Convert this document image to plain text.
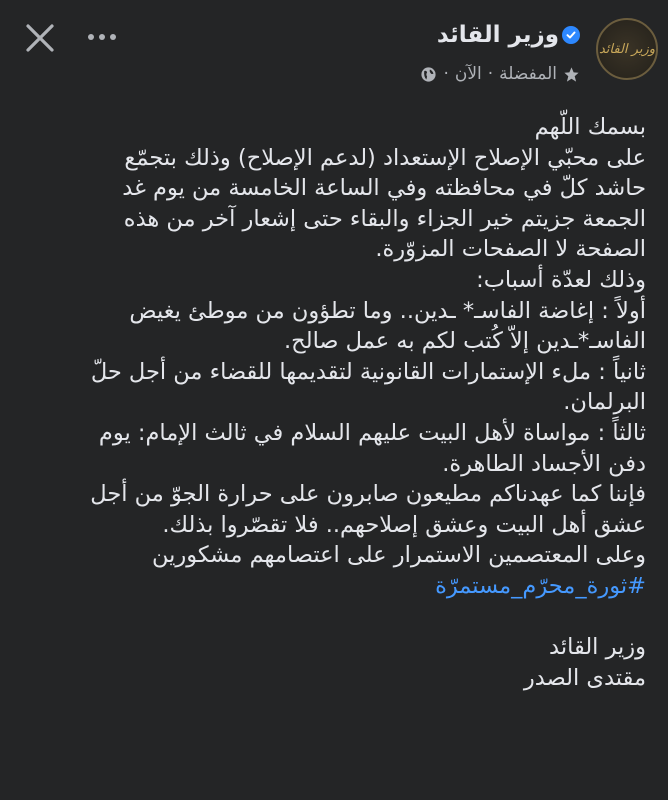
وزير القائد
وزير القائد
المفضلة
·
الآن
·
بسمك اللّهم
على محبّي الإصلاح الإستعداد (لدعم الإصلاح) وذلك بتجمّع
حاشد كلّ في محافظته وفي الساعة الخامسة من يوم غد
الجمعة جزيتم خير الجزاء والبقاء حتى إشعار آخر من هذه
الصفحة لا الصفحات المزوّرة.
وذلك لعدّة أسباب:
أولاً : إغاضة الفاسـ* ـدين.. وما تطؤون من موطئ يغيض
الفاسـ*ـدين إلاّ كُتب لكم به عمل صالح.
ثانياً : ملء الإستمارات القانونية لتقديمها للقضاء من أجل حلّ
البرلمان.
ثالثاً : مواساة لأهل البيت عليهم السلام في ثالث الإمام: يوم
دفن الأجساد الطاهرة.
فإننا كما عهدناكم مطيعون صابرون على حرارة الجوّ من أجل
عشق أهل البيت وعشق إصلاحهم.. فلا تقصّروا بذلك.
وعلى المعتصمين الاستمرار على اعتصامهم مشكورين
#ثورة_محرّم_مستمرّة
وزير القائد
مقتدى الصدر
